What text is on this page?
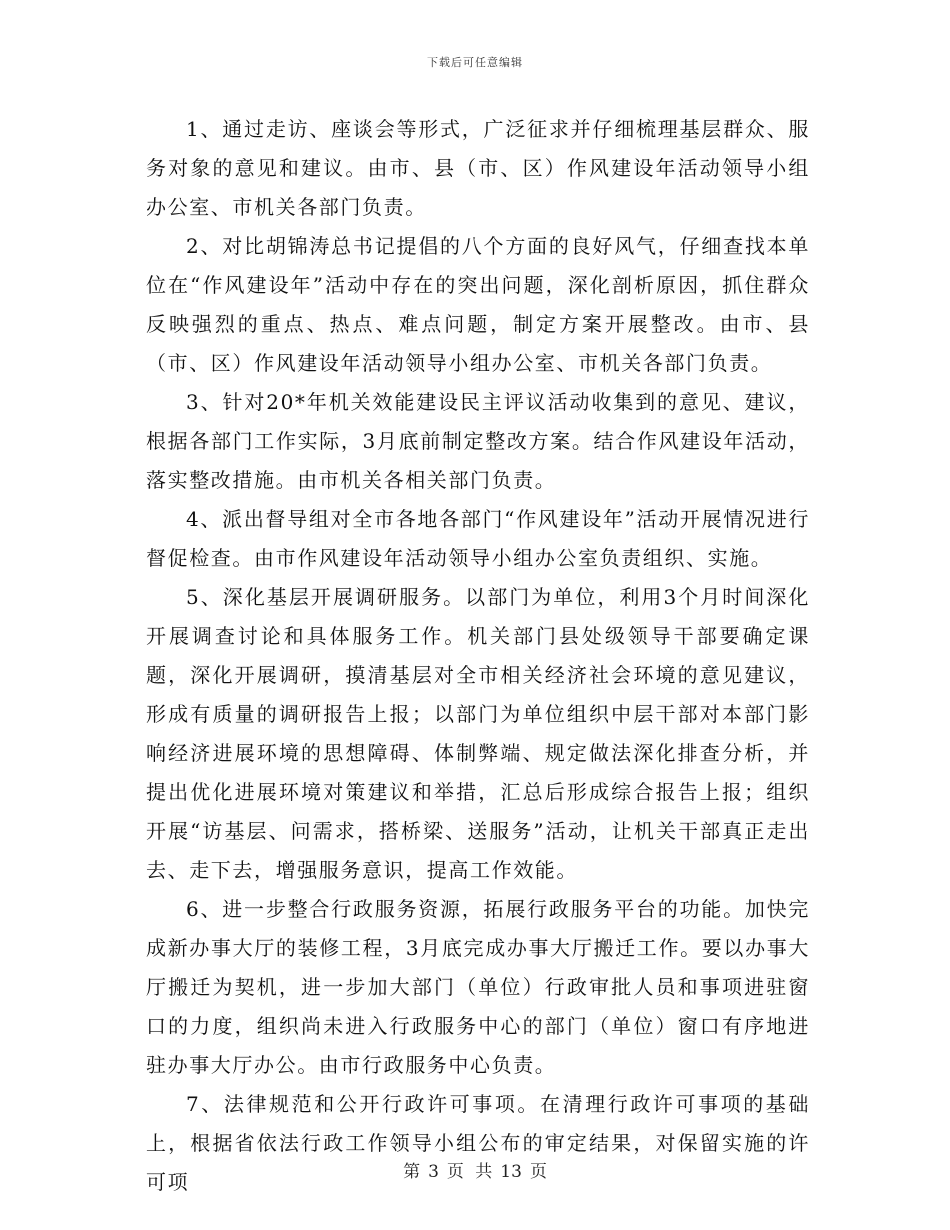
下载后可任意编辑

1、通过走访、座谈会等形式，广泛征求并仔细梳理基层群众、服务对象的意见和建议。由市、县（市、区）作风建设年活动领导小组办公室、市机关各部门负责。

2、对比胡锦涛总书记提倡的八个方面的良好风气，仔细查找本单位在“作风建设年”活动中存在的突出问题，深化剖析原因，抓住群众反映强烈的重点、热点、难点问题，制定方案开展整改。由市、县（市、区）作风建设年活动领导小组办公室、市机关各部门负责。

3、针对20*年机关效能建设民主评议活动收集到的意见、建议，根据各部门工作实际，3月底前制定整改方案。结合作风建设年活动，落实整改措施。由市机关各相关部门负责。

4、派出督导组对全市各地各部门“作风建设年”活动开展情况进行督促检查。由市作风建设年活动领导小组办公室负责组织、实施。

5、深化基层开展调研服务。以部门为单位，利用3个月时间深化开展调查讨论和具体服务工作。机关部门县处级领导干部要确定课题，深化开展调研，摸清基层对全市相关经济社会环境的意见建议，形成有质量的调研报告上报；以部门为单位组织中层干部对本部门影响经济进展环境的思想障碍、体制弊端、规定做法深化排查分析，并提出优化进展环境对策建议和举措，汇总后形成综合报告上报；组织开展“访基层、问需求，搭桥梁、送服务”活动，让机关干部真正走出去、走下去，增强服务意识，提高工作效能。

6、进一步整合行政服务资源，拓展行政服务平台的功能。加快完成新办事大厅的装修工程，3月底完成办事大厅搬迁工作。要以办事大厅搬迁为契机，进一步加大部门（单位）行政审批人员和事项进驻窗口的力度，组织尚未进入行政服务中心的部门（单位）窗口有序地进驻办事大厅办公。由市行政服务中心负责。

7、法律规范和公开行政许可事项。在清理行政许可事项的基础上，根据省依法行政工作领导小组公布的审定结果，对保留实施的许可项	第 3 页 共 13 页
